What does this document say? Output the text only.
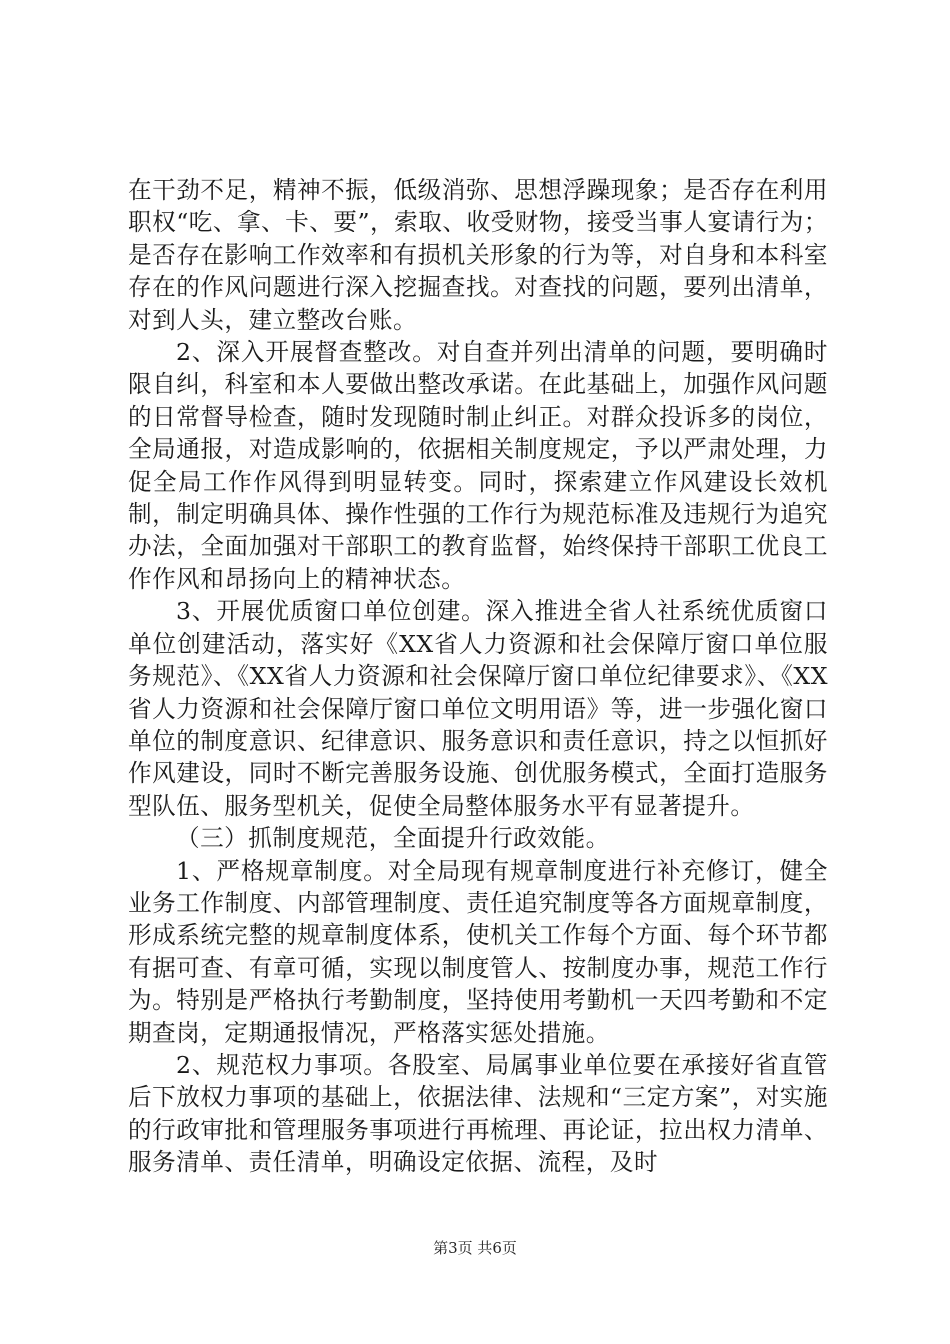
在干劲不足，精神不振，低级消弥、思想浮躁现象；是否存在利用职权“吃、拿、卡、要”，索取、收受财物，接受当事人宴请行为；是否存在影响工作效率和有损机关形象的行为等，对自身和本科室存在的作风问题进行深入挖掘查找。对查找的问题，要列出清单，对到人头，建立整改台账。

2、深入开展督查整改。对自查并列出清单的问题，要明确时限自纠，科室和本人要做出整改承诺。在此基础上，加强作风问题的日常督导检查，随时发现随时制止纠正。对群众投诉多的岗位，全局通报，对造成影响的，依据相关制度规定，予以严肃处理，力促全局工作作风得到明显转变。同时，探索建立作风建设长效机制，制定明确具体、操作性强的工作行为规范标准及违规行为追究办法，全面加强对干部职工的教育监督，始终保持干部职工优良工作作风和昂扬向上的精神状态。

3、开展优质窗口单位创建。深入推进全省人社系统优质窗口单位创建活动，落实好《XX省人力资源和社会保障厅窗口单位服务规范》、《XX省人力资源和社会保障厅窗口单位纪律要求》、《XX省人力资源和社会保障厅窗口单位文明用语》等，进一步强化窗口单位的制度意识、纪律意识、服务意识和责任意识，持之以恒抓好作风建设，同时不断完善服务设施、创优服务模式，全面打造服务型队伍、服务型机关，促使全局整体服务水平有显著提升。

（三）抓制度规范，全面提升行政效能。

1、严格规章制度。对全局现有规章制度进行补充修订，健全业务工作制度、内部管理制度、责任追究制度等各方面规章制度，形成系统完整的规章制度体系，使机关工作每个方面、每个环节都有据可查、有章可循，实现以制度管人、按制度办事，规范工作行为。特别是严格执行考勤制度，坚持使用考勤机一天四考勤和不定期查岗，定期通报情况，严格落实惩处措施。

2、规范权力事项。各股室、局属事业单位要在承接好省直管后下放权力事项的基础上，依据法律、法规和“三定方案”，对实施的行政审批和管理服务事项进行再梳理、再论证，拉出权力清单、服务清单、责任清单，明确设定依据、流程，及时

第3页 共6页
